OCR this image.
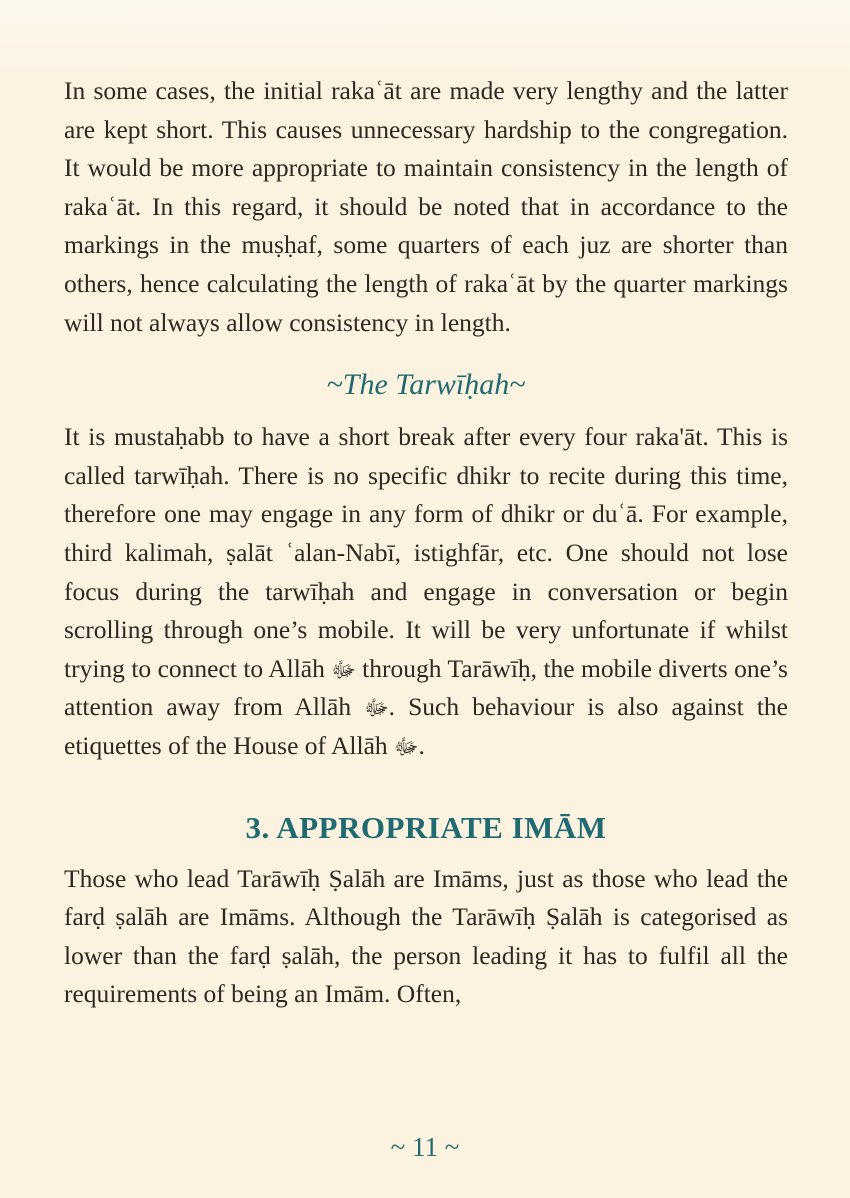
In some cases, the initial rakaʿāt are made very lengthy and the latter are kept short. This causes unnecessary hardship to the congregation. It would be more appropriate to maintain consistency in the length of rakaʿāt. In this regard, it should be noted that in accordance to the markings in the muṣḥaf, some quarters of each juz are shorter than others, hence calculating the length of rakaʿāt by the quarter markings will not always allow consistency in length.

~The Tarwīḥah~

It is mustaḥabb to have a short break after every four raka'āt. This is called tarwīḥah. There is no specific dhikr to recite during this time, therefore one may engage in any form of dhikr or duʿā. For example, third kalimah, ṣalāt ʿalan-Nabī, istighfār, etc. One should not lose focus during the tarwīḥah and engage in conversation or begin scrolling through one’s mobile. It will be very unfortunate if whilst trying to connect to Allāh ﷻ through Tarāwīḥ, the mobile diverts one’s attention away from Allāh ﷻ. Such behaviour is also against the etiquettes of the House of Allāh ﷻ.

3. APPROPRIATE IMĀM

Those who lead Tarāwīḥ Ṣalāh are Imāms, just as those who lead the farḍ ṣalāh are Imāms. Although the Tarāwīḥ Ṣalāh is categorised as lower than the farḍ ṣalāh, the person leading it has to fulfil all the requirements of being an Imām. Often,

~ 11 ~
